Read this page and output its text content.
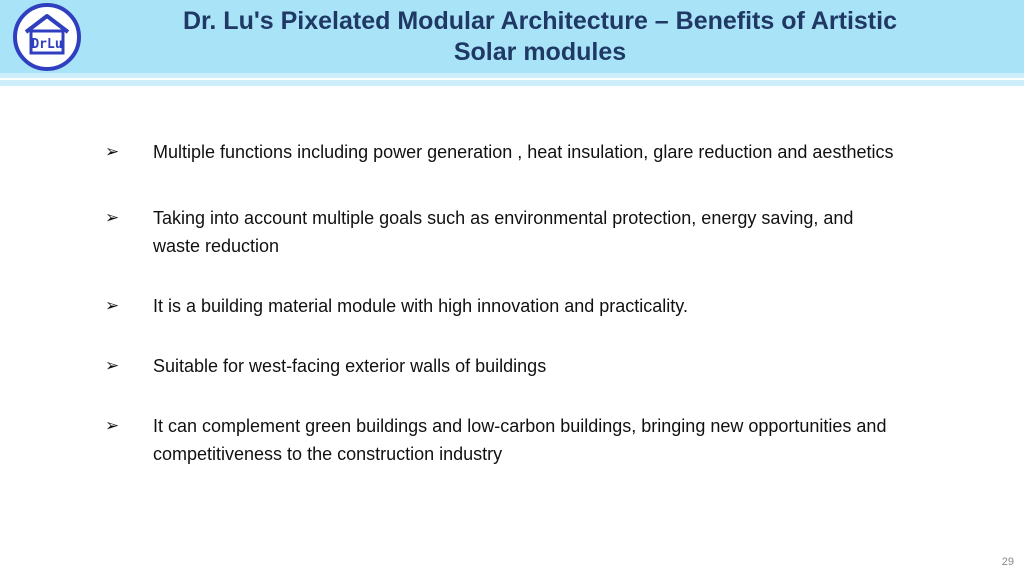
DrLu
Dr. Lu's Pixelated Modular Architecture – Benefits of Artistic
Solar modules
➢ Multiple functions including power generation , heat insulation, glare reduction and aesthetics
➢ Taking into account multiple goals such as environmental protection, energy saving, and waste reduction
➢ It is a building material module with high innovation and practicality.
➢ Suitable for west-facing exterior walls of buildings
➢ It can complement green buildings and low-carbon buildings, bringing new opportunities and competitiveness to the construction industry
29
